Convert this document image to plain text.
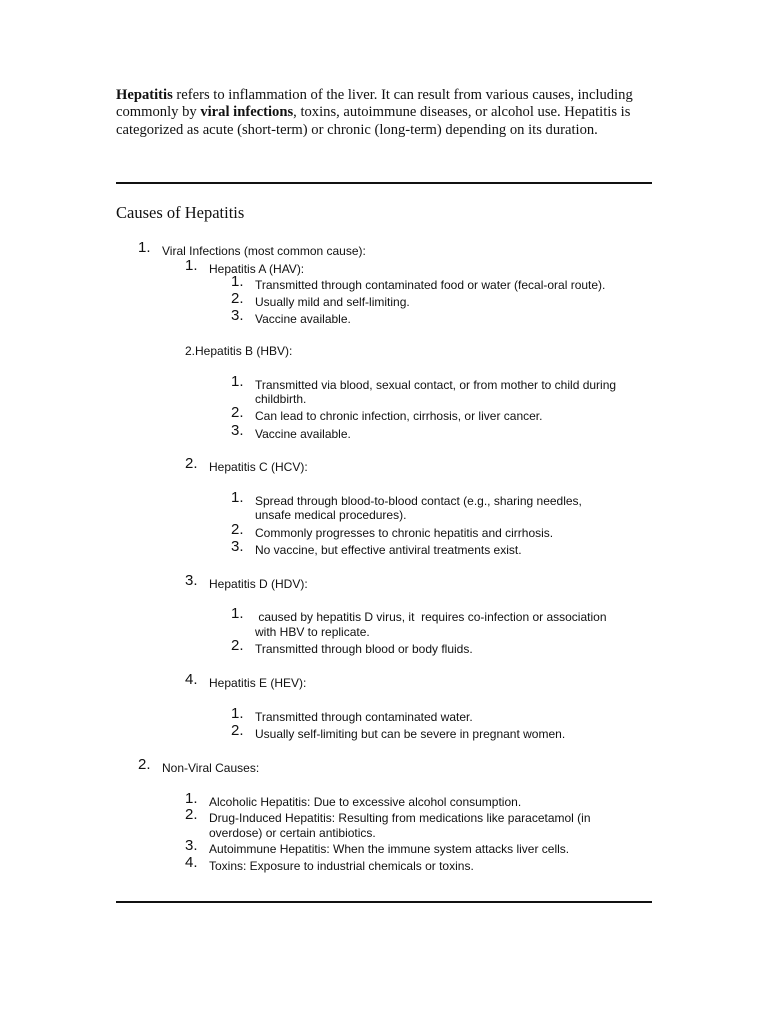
Hepatitis refers to inflammation of the liver. It can result from various causes, including commonly by viral infections, toxins, autoimmune diseases, or alcohol use. Hepatitis is categorized as acute (short-term) or chronic (long-term) depending on its duration.
Causes of Hepatitis
1. Viral Infections (most common cause):
1. Hepatitis A (HAV):
1. Transmitted through contaminated food or water (fecal-oral route).
2. Usually mild and self-limiting.
3. Vaccine available.
2.Hepatitis B (HBV):
1. Transmitted via blood, sexual contact, or from mother to child during
childbirth.
2. Can lead to chronic infection, cirrhosis, or liver cancer.
3. Vaccine available.
2. Hepatitis C (HCV):
1. Spread through blood-to-blood contact (e.g., sharing needles,
unsafe medical procedures).
2. Commonly progresses to chronic hepatitis and cirrhosis.
3. No vaccine, but effective antiviral treatments exist.
3. Hepatitis D (HDV):
1. caused by hepatitis D virus, it  requires co-infection or association
with HBV to replicate.
2. Transmitted through blood or body fluids.
4. Hepatitis E (HEV):
1. Transmitted through contaminated water.
2. Usually self-limiting but can be severe in pregnant women.
2. Non-Viral Causes:
1. Alcoholic Hepatitis: Due to excessive alcohol consumption.
2. Drug-Induced Hepatitis: Resulting from medications like paracetamol (in
overdose) or certain antibiotics.
3. Autoimmune Hepatitis: When the immune system attacks liver cells.
4. Toxins: Exposure to industrial chemicals or toxins.
